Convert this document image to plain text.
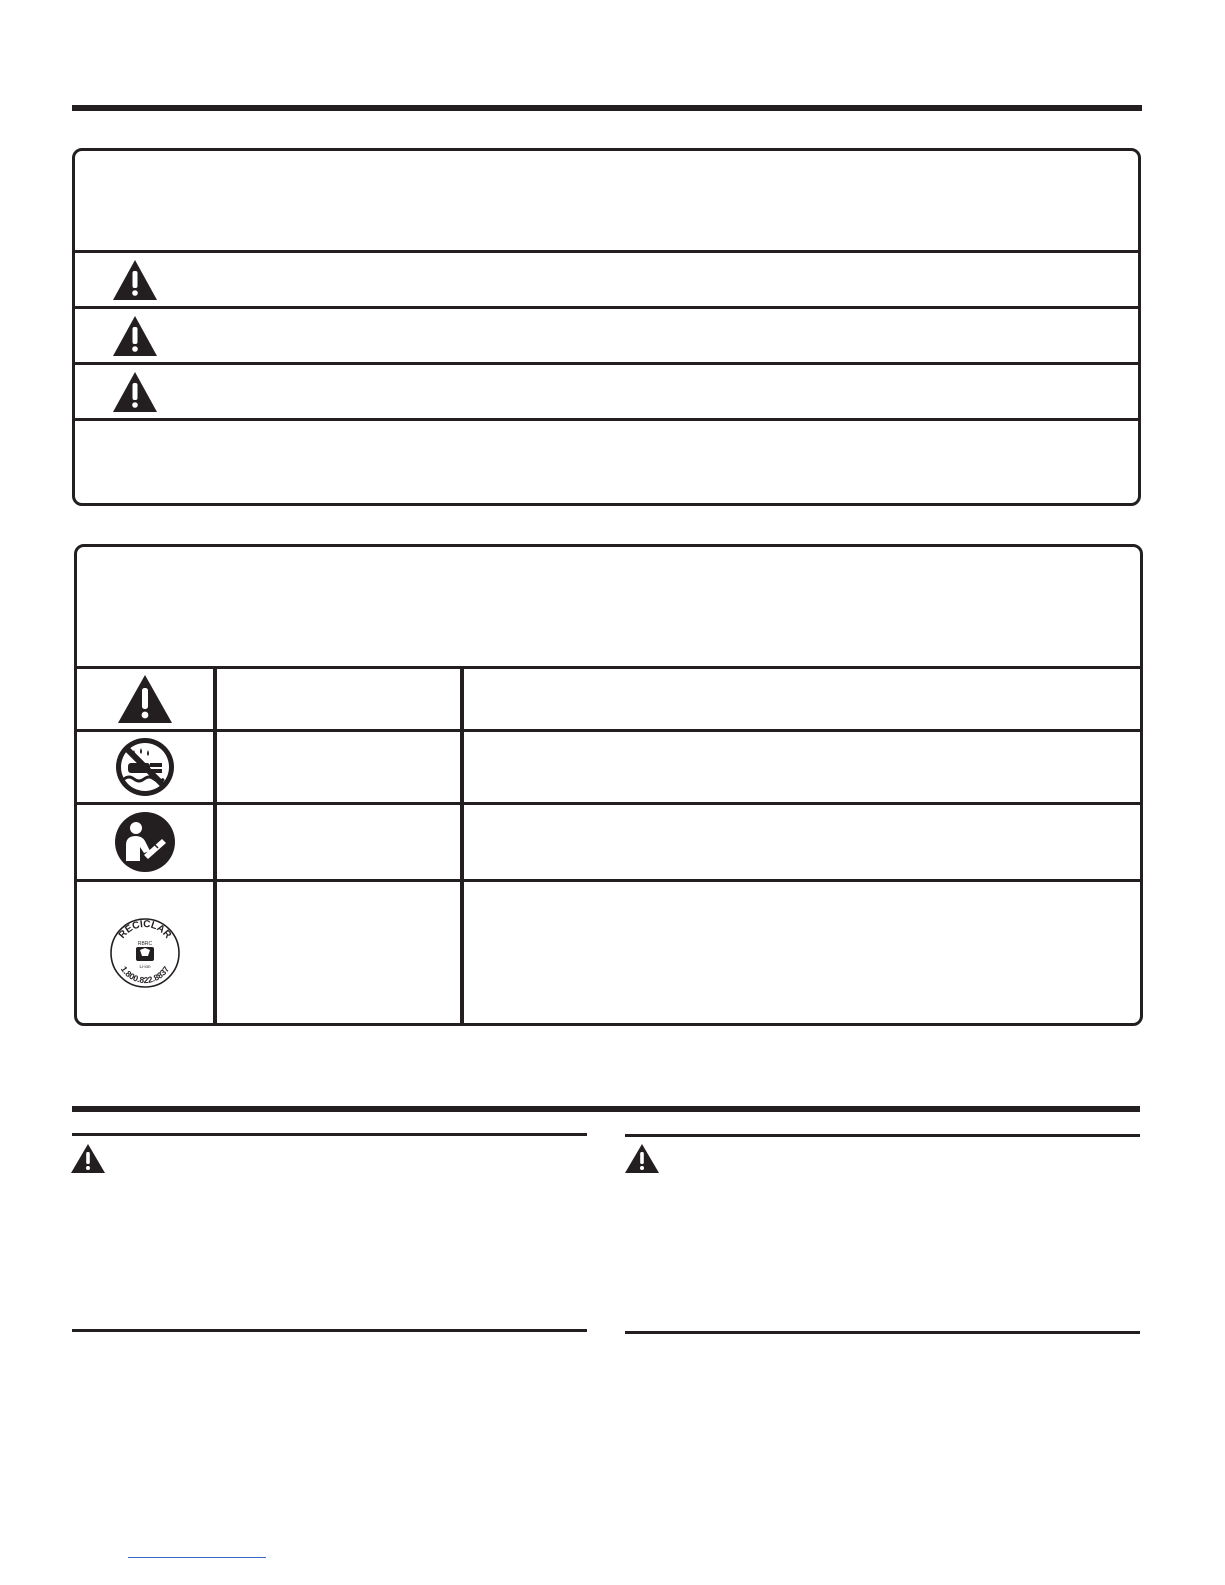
RECICLAR
RBRC
Li-ion
1.800.822.8837
